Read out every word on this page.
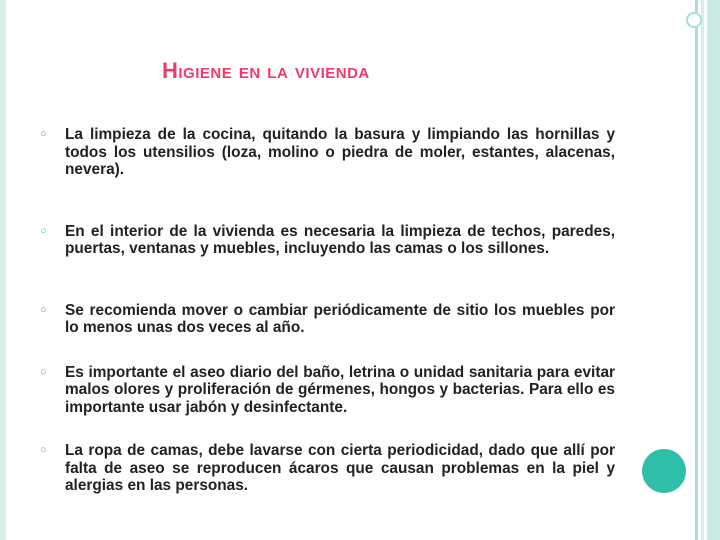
Higiene en la vivienda
○ La limpieza de la cocina, quitando la basura y limpiando las hornillas y todos los utensilios (loza, molino o piedra de moler, estantes, alacenas, nevera).
○ En el interior de la vivienda es necesaria la limpieza de techos, paredes, puertas, ventanas y muebles, incluyendo las camas o los sillones.
○ Se recomienda mover o cambiar periódicamente de sitio los muebles por lo menos unas dos veces al año.
○ Es importante el aseo diario del baño, letrina o unidad sanitaria para evitar malos olores y proliferación de gérmenes, hongos y bacterias. Para ello es importante usar jabón y desinfectante.
○ La ropa de camas, debe lavarse con cierta periodicidad, dado que allí por falta de aseo se reproducen ácaros que causan problemas en la piel y alergias en las personas.
